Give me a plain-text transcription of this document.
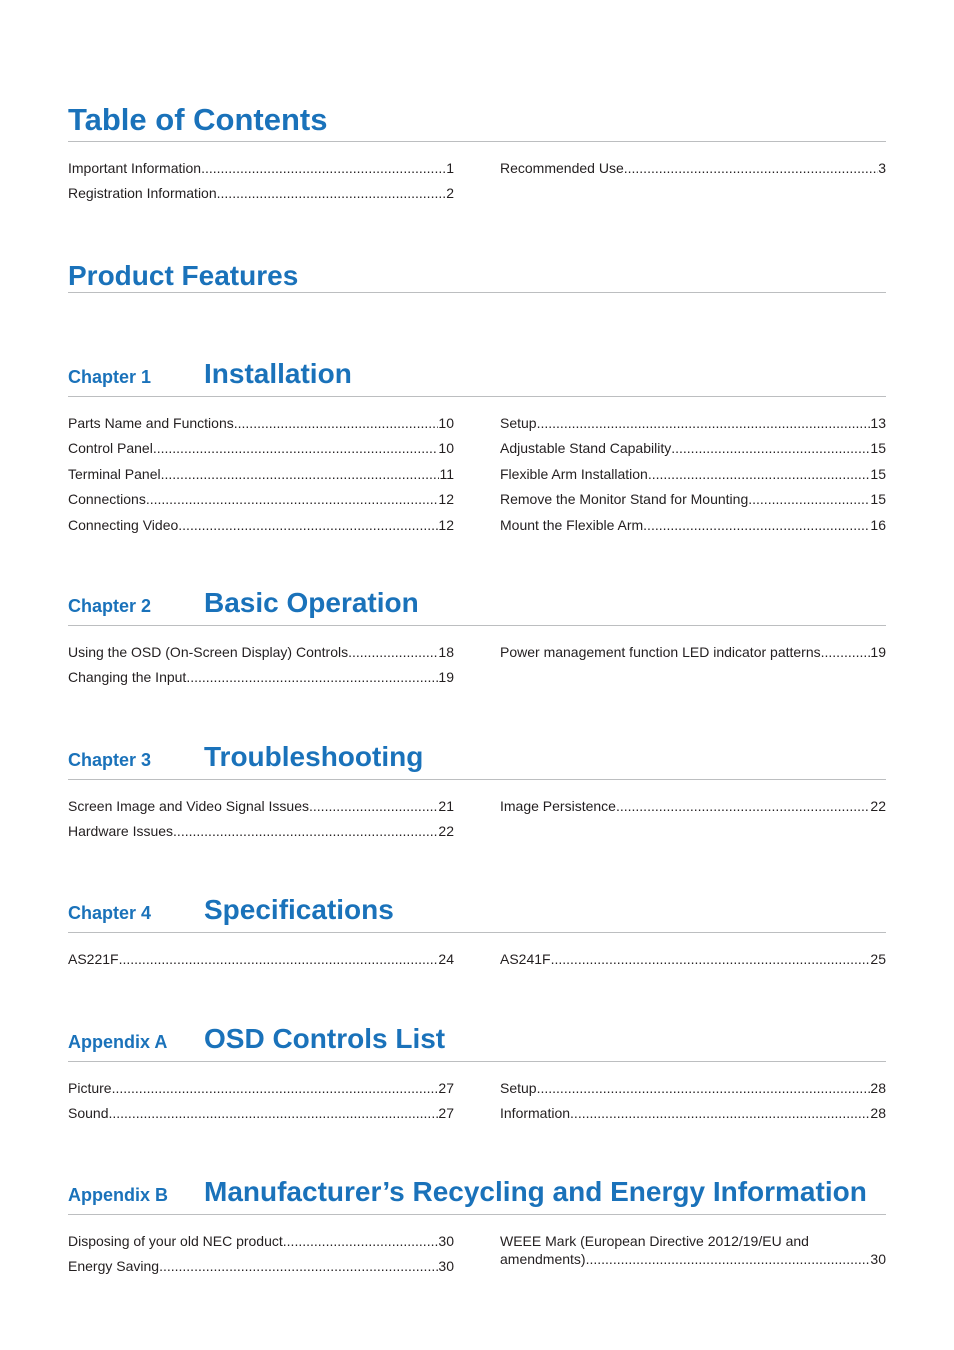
Table of Contents
Important Information .....	1
Registration Information .....	2
Recommended Use .....	3
Product Features
Chapter 1 Installation
Parts Name and Functions .....	10
Control Panel .....	10
Terminal Panel .....	11
Connections .....	12
Connecting Video .....	12
Setup .....	13
Adjustable Stand Capability .....	15
Flexible Arm Installation .....	15
Remove the Monitor Stand for Mounting .....	15
Mount the Flexible Arm .....	16
Chapter 2 Basic Operation
Using the OSD (On-Screen Display) Controls .....	18
Changing the Input .....	19
Power management function LED indicator patterns .....	19
Chapter 3 Troubleshooting
Screen Image and Video Signal Issues .....	21
Hardware Issues .....	22
Image Persistence .....	22
Chapter 4 Specifications
AS221F .....	24	AS241F .....	25
Appendix A OSD Controls List
Picture .....	27
Sound .....	27
Setup .....	28
Information .....	28
Appendix B Manufacturer’s Recycling and Energy Information
Disposing of your old NEC product .....	30
Energy Saving .....	30
WEEE Mark (European Directive 2012/19/EU and
amendments) .....	30
